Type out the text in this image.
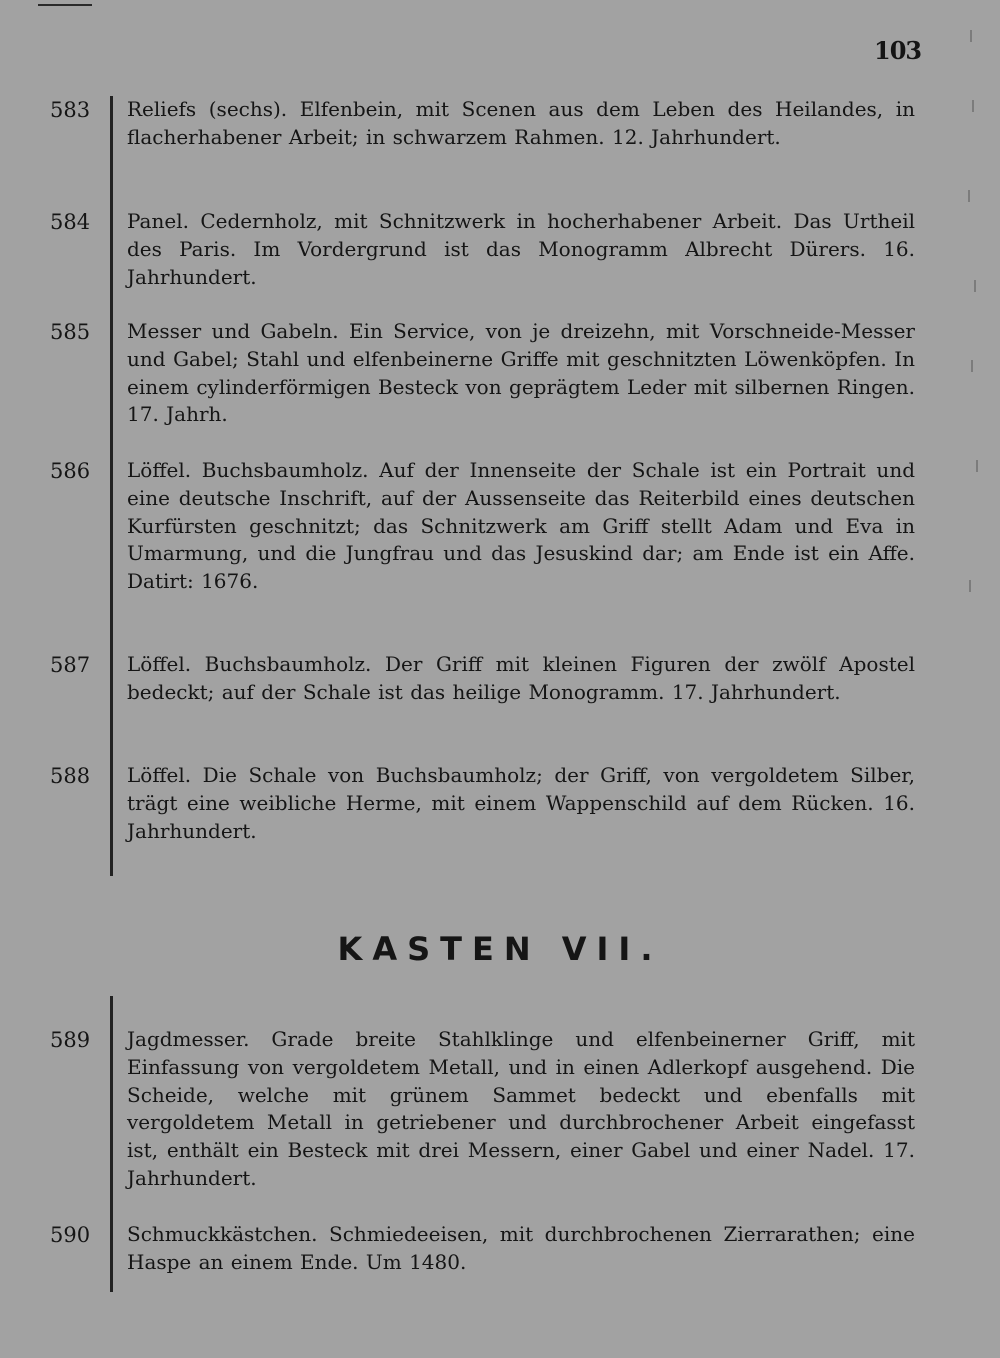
103
583	Reliefs (sechs). Elfenbein, mit Scenen aus dem Leben des Heilandes, in flacherhabener Arbeit; in schwarzem Rahmen. 12. Jahrhundert.
584	Panel. Cedernholz, mit Schnitzwerk in hocherhabener Arbeit. Das Urtheil des Paris. Im Vordergrund ist das Monogramm Albrecht Dürers. 16. Jahrhundert.
585	Messer und Gabeln. Ein Service, von je dreizehn, mit Vorschneide-Messer und Gabel; Stahl und elfenbeinerne Griffe mit geschnitzten Löwenköpfen. In einem cylinderförmigen Besteck von geprägtem Leder mit silbernen Ringen. 17. Jahrh.
586	Löffel. Buchsbaumholz. Auf der Innenseite der Schale ist ein Portrait und eine deutsche Inschrift, auf der Aussenseite das Reiterbild eines deutschen Kurfürsten geschnitzt; das Schnitzwerk am Griff stellt Adam und Eva in Umarmung, und die Jungfrau und das Jesuskind dar; am Ende ist ein Affe. Datirt: 1676.
587	Löffel. Buchsbaumholz. Der Griff mit kleinen Figuren der zwölf Apostel bedeckt; auf der Schale ist das heilige Monogramm. 17. Jahrhundert.
588	Löffel. Die Schale von Buchsbaumholz; der Griff, von vergoldetem Silber, trägt eine weibliche Herme, mit einem Wappenschild auf dem Rücken. 16. Jahrhundert.
KASTEN VII.
589	Jagdmesser. Grade breite Stahlklinge und elfenbeinerner Griff, mit Einfassung von vergoldetem Metall, und in einen Adlerkopf ausgehend. Die Scheide, welche mit grünem Sammet bedeckt und ebenfalls mit vergoldetem Metall in getriebener und durchbrochener Arbeit eingefasst ist, enthält ein Besteck mit drei Messern, einer Gabel und einer Nadel. 17. Jahrhundert.
590	Schmuckkästchen. Schmiedeeisen, mit durchbrochenen Zierrarathen; eine Haspe an einem Ende. Um 1480.
